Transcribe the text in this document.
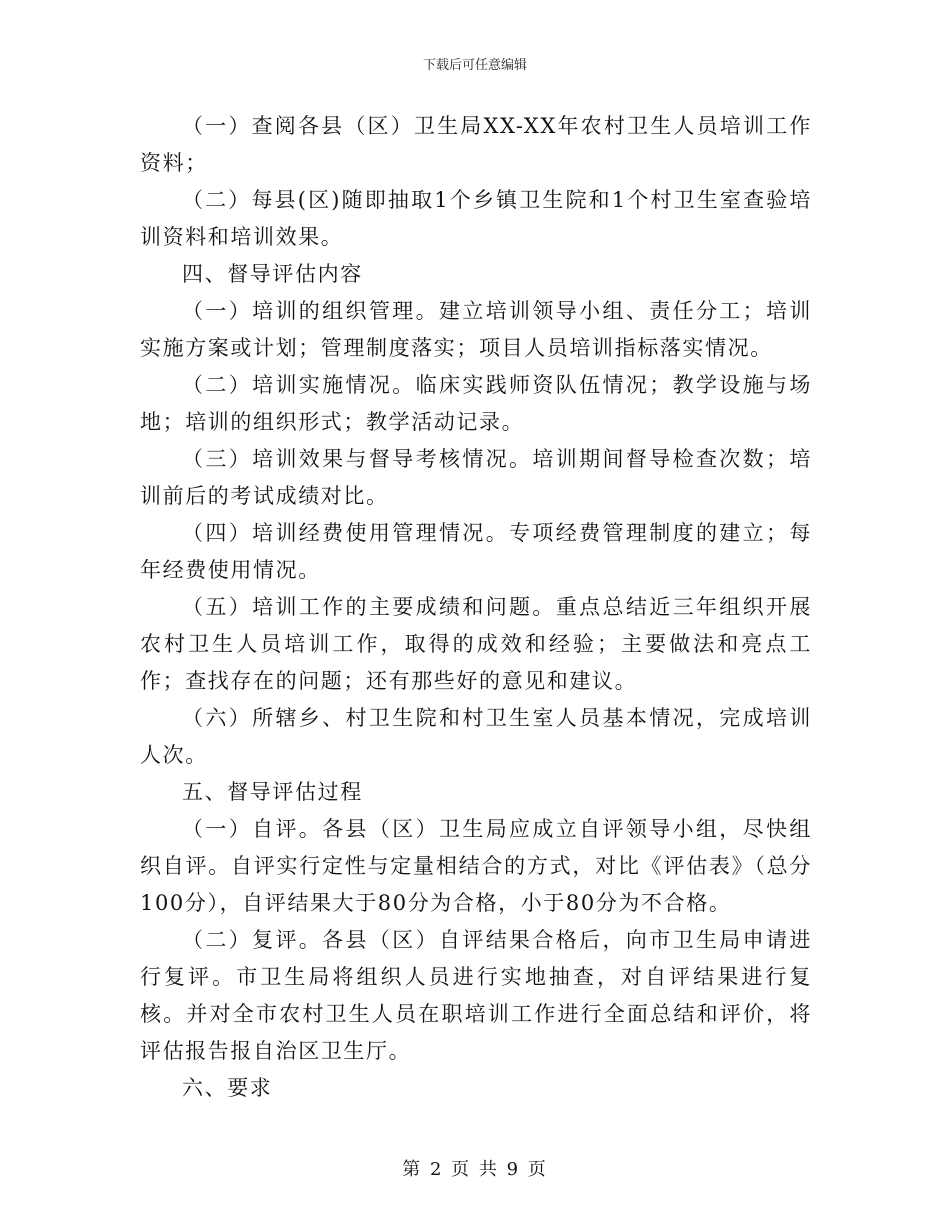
下载后可任意编辑

（一）查阅各县（区）卫生局XX-XX年农村卫生人员培训工作资料；

（二）每县(区)随即抽取1个乡镇卫生院和1个村卫生室查验培训资料和培训效果。

四、督导评估内容

（一）培训的组织管理。建立培训领导小组、责任分工；培训实施方案或计划；管理制度落实；项目人员培训指标落实情况。

（二）培训实施情况。临床实践师资队伍情况；教学设施与场地；培训的组织形式；教学活动记录。

（三）培训效果与督导考核情况。培训期间督导检查次数；培训前后的考试成绩对比。

（四）培训经费使用管理情况。专项经费管理制度的建立；每年经费使用情况。

（五）培训工作的主要成绩和问题。重点总结近三年组织开展农村卫生人员培训工作，取得的成效和经验；主要做法和亮点工作；查找存在的问题；还有那些好的意见和建议。

（六）所辖乡、村卫生院和村卫生室人员基本情况，完成培训人次。

五、督导评估过程

（一）自评。各县（区）卫生局应成立自评领导小组，尽快组织自评。自评实行定性与定量相结合的方式，对比《评估表》（总分100分），自评结果大于80分为合格，小于80分为不合格。

（二）复评。各县（区）自评结果合格后，向市卫生局申请进行复评。市卫生局将组织人员进行实地抽查，对自评结果进行复核。并对全市农村卫生人员在职培训工作进行全面总结和评价，将评估报告报自治区卫生厅。

六、要求

第 2 页 共 9 页
